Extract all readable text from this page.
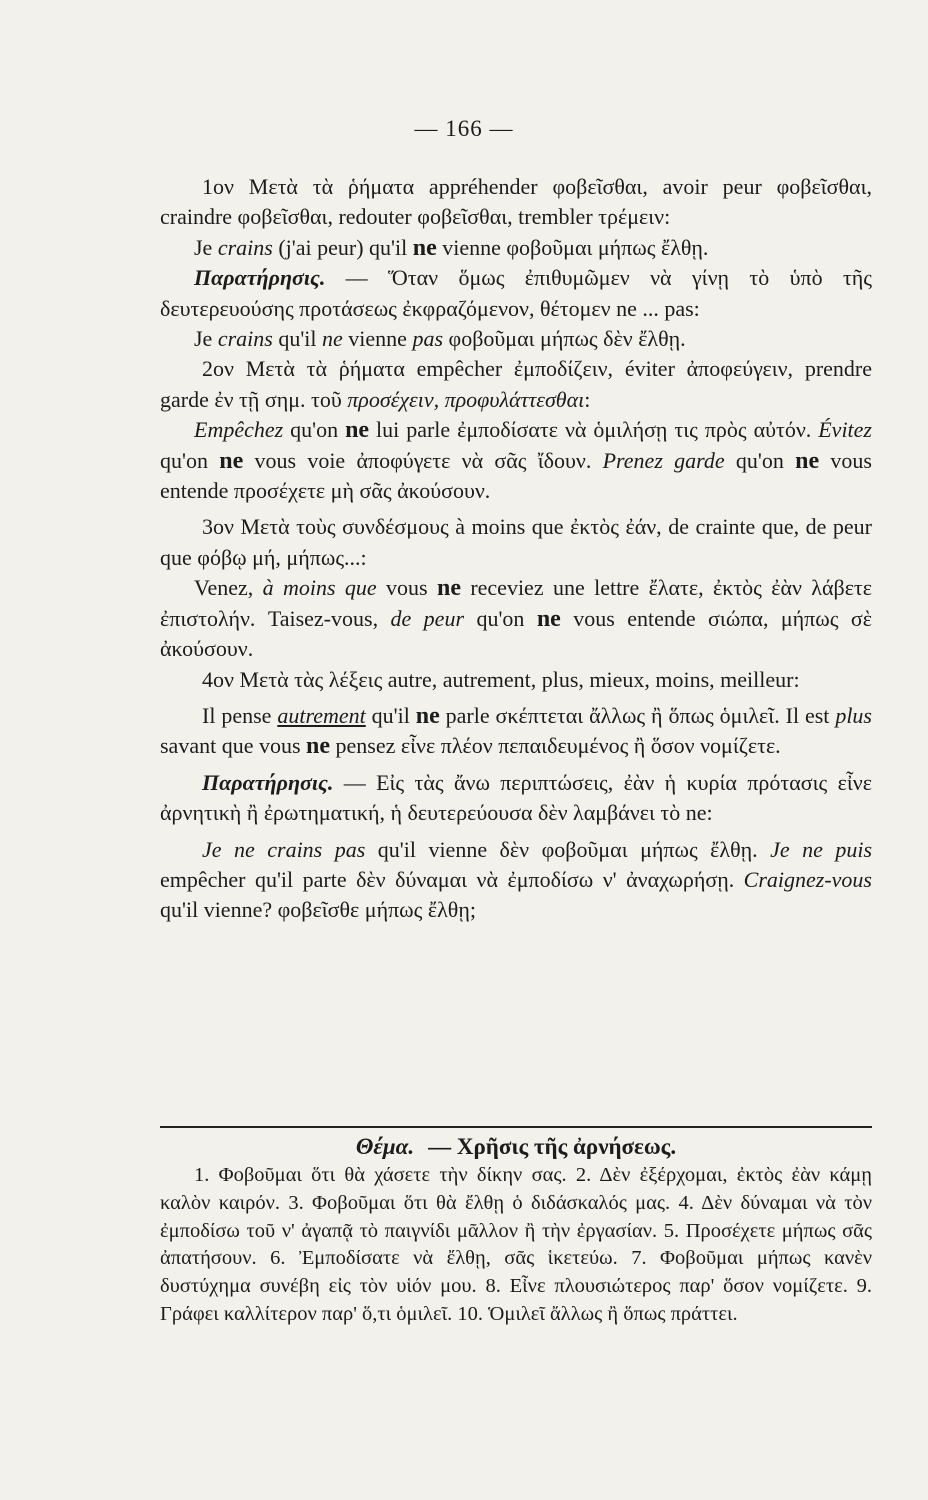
— 166 —

1ον Μετὰ τὰ ῥήματα appréhender φοβεῖσθαι, avoir peur φοβεῖσθαι, craindre φοβεῖσθαι, redouter φοβεῖσθαι, trembler τρέμειν:

Je crains (j'ai peur) qu'il ne vienne φοβοῦμαι μήπως ἔλθῃ.

Παρατήρησις. — Ὅταν ὅμως ἐπιθυμῶμεν νὰ γίνῃ τὸ ὑπὸ τῆς δευτερευούσης προτάσεως ἐκφραζόμενον, θέτομεν ne ... pas:

Je crains qu'il ne vienne pas φοβοῦμαι μήπως δὲν ἔλθῃ.

2ον Μετὰ τὰ ῥήματα empêcher ἐμποδίζειν, éviter ἀποφεύγειν, prendre garde ἐν τῇ σημ. τοῦ προσέχειν, προφυλάττεσθαι:

Empêchez qu'on ne lui parle ἐμποδίσατε νὰ ὁμιλήσῃ τις πρὸς αὐτόν. Évitez qu'on ne vous voie ἀποφύγετε νὰ σᾶς ἴδουν. Prenez garde qu'on ne vous entende προσέχετε μὴ σᾶς ἀκούσουν.

3ον Μετὰ τοὺς συνδέσμους à moins que ἐκτὸς ἐάν, de crainte que, de peur que φόβῳ μή, μήπως...:

Venez, à moins que vous ne receviez une lettre ἔλατε, ἐκτὸς ἐὰν λάβετε ἐπιστολήν. Taisez-vous, de peur qu'on ne vous entende σιώπα, μήπως σὲ ἀκούσουν.

4ον Μετὰ τὰς λέξεις autre, autrement, plus, mieux, moins, meilleur:

Il pense autrement qu'il ne parle σκέπτεται ἄλλως ἢ ὅπως ὁμιλεῖ. Il est plus savant que vous ne pensez εἶνε πλέον πεπαιδευμένος ἢ ὅσον νομίζετε.

Παρατήρησις. — Εἰς τὰς ἄνω περιπτώσεις, ἐὰν ἡ κυρία πρότασις εἶνε ἀρνητικὴ ἢ ἐρωτηματική, ἡ δευτερεύουσα δὲν λαμβάνει τὸ ne:

Je ne crains pas qu'il vienne δὲν φοβοῦμαι μήπως ἔλθῃ. Je ne puis empêcher qu'il parte δὲν δύναμαι νὰ ἐμποδίσω ν' ἀναχωρήσῃ. Craignez-vous qu'il vienne? φοβεῖσθε μήπως ἔλθῃ;

Θέμα. — Χρῆσις τῆς ἀρνήσεως.

1. Φοβοῦμαι ὅτι θὰ χάσετε τὴν δίκην σας. 2. Δὲν ἐξέρχομαι, ἐκτὸς ἐὰν κάμῃ καλὸν καιρόν. 3. Φοβοῦμαι ὅτι θὰ ἔλθῃ ὁ διδάσκαλός μας. 4. Δὲν δύναμαι νὰ τὸν ἐμποδίσω τοῦ ν' ἀγαπᾷ τὸ παιγνίδι μᾶλλον ἢ τὴν ἐργασίαν. 5. Προσέχετε μήπως σᾶς ἀπατήσουν. 6. Ἐμποδίσατε νὰ ἔλθῃ, σᾶς ἱκετεύω. 7. Φοβοῦμαι μήπως κανὲν δυστύχημα συνέβη εἰς τὸν υἱόν μου. 8. Εἶνε πλουσιώτερος παρ' ὅσον νομίζετε. 9. Γράφει καλλίτερον παρ' ὅ,τι ὁμιλεῖ. 10. Ὁμιλεῖ ἄλλως ἢ ὅπως πράττει.
